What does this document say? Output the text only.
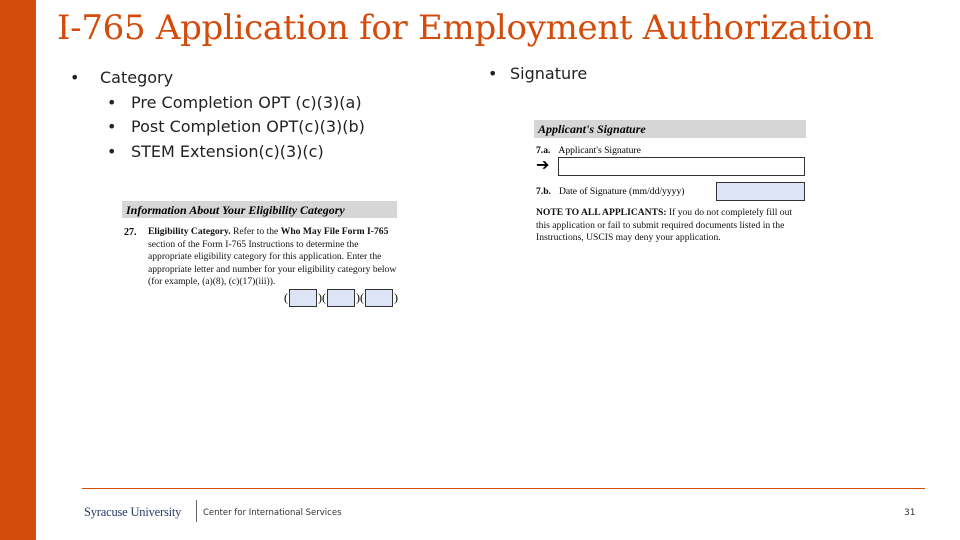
I-765 Application for Employment Authorization
• Category
• Pre Completion OPT (c)(3)(a)
• Post Completion OPT(c)(3)(b)
• STEM Extension(c)(3)(c)
• Signature
Information About Your Eligibility Category
27. Eligibility Category. Refer to the Who May File Form I-765 section of the Form I-765 Instructions to determine the appropriate eligibility category for this application. Enter the appropriate letter and number for your eligibility category below (for example, (a)(8), (c)(17)(iii)).
(	)(	)(	)
Applicant's Signature
7.a. Applicant's Signature
➔
7.b. Date of Signature (mm/dd/yyyy)
NOTE TO ALL APPLICANTS: If you do not completely fill out this application or fail to submit required documents listed in the Instructions, USCIS may deny your application.
Syracuse University	Center for International Services	31
